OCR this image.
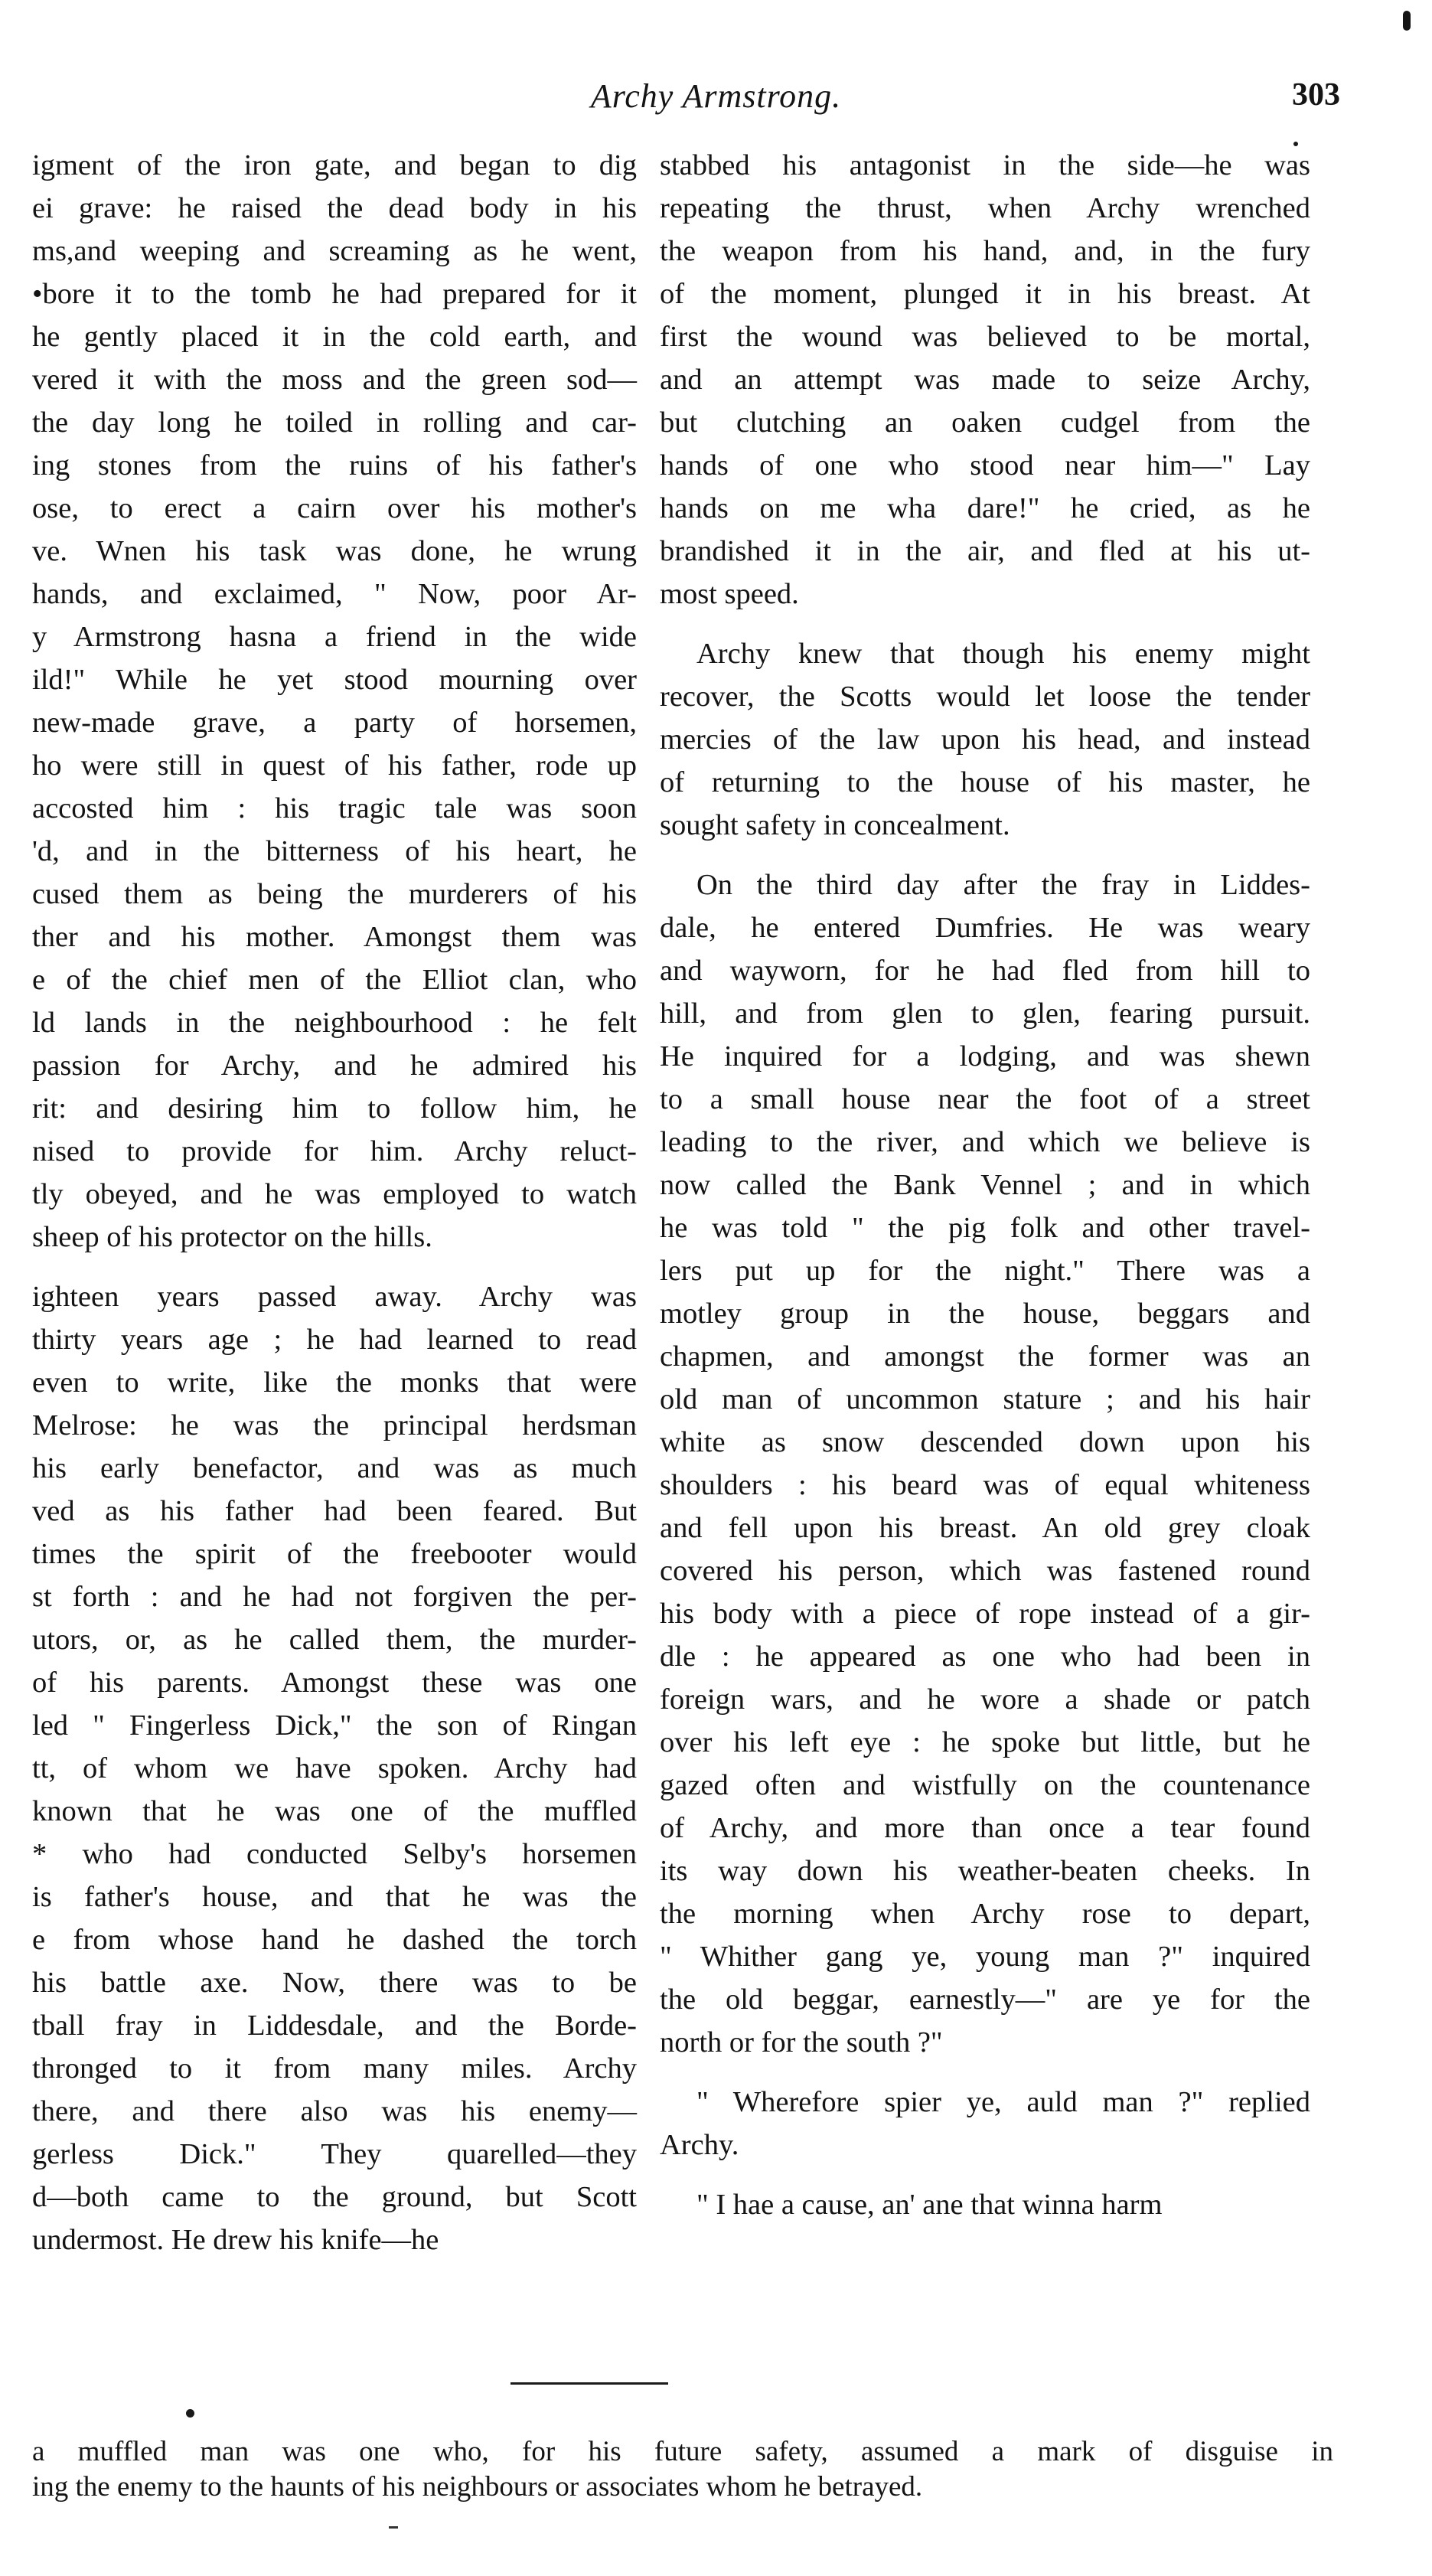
Archy Armstrong.	303
igment of the iron gate, and began to dig
ei grave: he raised the dead body in his
ms,and weeping and screaming as he went,
•bore it to the tomb he had prepared for it
he gently placed it in the cold earth, and
vered it with the moss and the green sod—
the day long he toiled in rolling and car-
ing stones from the ruins of his father's
ose, to erect a cairn over his mother's
ve. Wnen his task was done, he wrung
hands, and exclaimed, " Now, poor Ar-
y Armstrong hasna a friend in the wide
ild!" While he yet stood mourning over
new-made grave, a party of horsemen,
ho were still in quest of his father, rode up
accosted him : his tragic tale was soon
'd, and in the bitterness of his heart, he
cused them as being the murderers of his
ther and his mother. Amongst them was
e of the chief men of the Elliot clan, who
ld lands in the neighbourhood : he felt
passion for Archy, and he admired his
rit: and desiring him to follow him, he
nised to provide for him. Archy reluct-
tly obeyed, and he was employed to watch
sheep of his protector on the hills.
ighteen years passed away. Archy was
thirty years age ; he had learned to read
even to write, like the monks that were
Melrose: he was the principal herdsman
his early benefactor, and was as much
ved as his father had been feared. But
times the spirit of the freebooter would
st forth : and he had not forgiven the per-
utors, or, as he called them, the murder-
of his parents. Amongst these was one
led " Fingerless Dick," the son of Ringan
tt, of whom we have spoken. Archy had
known that he was one of the muffled
* who had conducted Selby's horsemen
is father's house, and that he was the
e from whose hand he dashed the torch
his battle axe. Now, there was to be
tball fray in Liddesdale, and the Borde-
thronged to it from many miles. Archy
there, and there also was his enemy—
gerless Dick." They quarelled—they
d—both came to the ground, but Scott
undermost. He drew his knife—he
stabbed his antagonist in the side—he was
repeating the thrust, when Archy wrenched
the weapon from his hand, and, in the fury
of the moment, plunged it in his breast. At
first the wound was believed to be mortal,
and an attempt was made to seize Archy,
but clutching an oaken cudgel from the
hands of one who stood near him—" Lay
hands on me wha dare!" he cried, as he
brandished it in the air, and fled at his ut-
most speed.
Archy knew that though his enemy might
recover, the Scotts would let loose the tender
mercies of the law upon his head, and instead
of returning to the house of his master, he
sought safety in concealment.
On the third day after the fray in Liddes-
dale, he entered Dumfries. He was weary
and wayworn, for he had fled from hill to
hill, and from glen to glen, fearing pursuit.
He inquired for a lodging, and was shewn
to a small house near the foot of a street
leading to the river, and which we believe is
now called the Bank Vennel ; and in which
he was told " the pig folk and other travel-
lers put up for the night." There was a
motley group in the house, beggars and
chapmen, and amongst the former was an
old man of uncommon stature ; and his hair
white as snow descended down upon his
shoulders : his beard was of equal whiteness
and fell upon his breast. An old grey cloak
covered his person, which was fastened round
his body with a piece of rope instead of a gir-
dle : he appeared as one who had been in
foreign wars, and he wore a shade or patch
over his left eye : he spoke but little, but he
gazed often and wistfully on the countenance
of Archy, and more than once a tear found
its way down his weather-beaten cheeks. In
the morning when Archy rose to depart,
" Whither gang ye, young man ?" inquired
the old beggar, earnestly—" are ye for the
north or for the south ?"
" Wherefore spier ye, auld man ?" replied
Archy.
" I hae a cause, an' ane that winna harm
a muffled man was one who, for his future safety, assumed a mark of disguise in
ing the enemy to the haunts of his neighbours or associates whom he betrayed.
